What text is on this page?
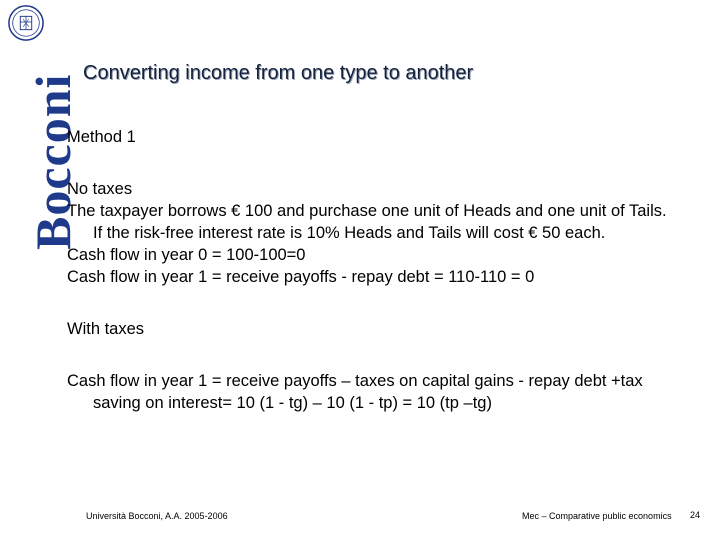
Bocconi
Converting income from one type to another

Method 1

No taxes

The taxpayer borrows € 100 and purchase one unit of Heads and one unit of Tails. If the risk-free interest rate is 10% Heads and Tails will cost € 50 each.

Cash flow in year 0 = 100-100=0

Cash flow in year 1 = receive payoffs - repay debt = 110-110 = 0

With taxes

Cash flow in year 1 = receive payoffs – taxes on capital gains - repay debt +tax saving on interest= 10 (1 - tg) – 10 (1 - tp) = 10 (tp –tg)

Università Bocconi, A.A. 2005-2006	Mec – Comparative public economics 24
